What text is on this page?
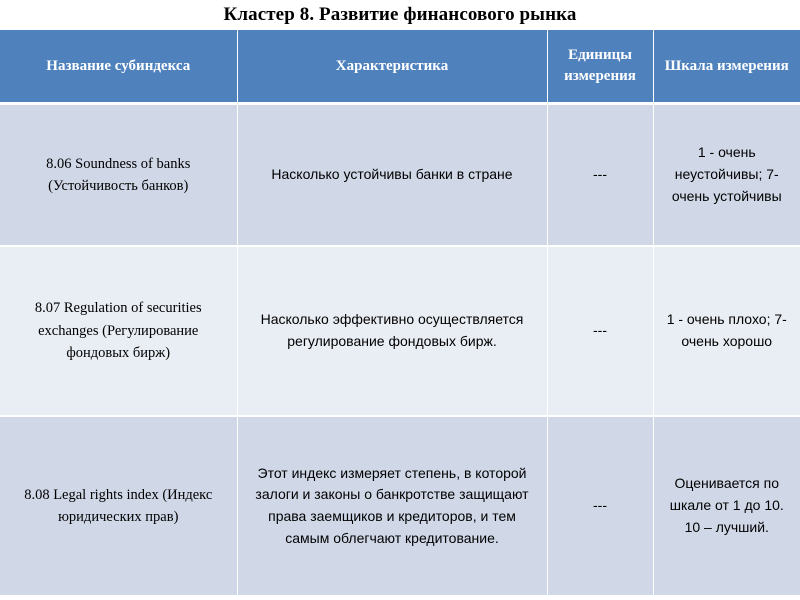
Кластер 8. Развитие финансового рынка
Название субиндекса	Характеристика	Единицы измерения	Шкала измерения
8.06 Soundness of banks (Устойчивость банков)	Насколько устойчивы банки в стране	---	1 - очень неустойчивы; 7-очень устойчивы
8.07 Regulation of securities exchanges (Регулирование фондовых бирж)	Насколько эффективно осуществляется регулирование фондовых бирж.	---	1 - очень плохо; 7-очень хорошо
8.08 Legal rights index (Индекс юридических прав)	Этот индекс измеряет степень, в которой залоги и законы о банкротстве защищают права заемщиков и кредиторов, и тем самым облегчают кредитование.	---	Оценивается по шкале от 1 до 10. 10 – лучший.
